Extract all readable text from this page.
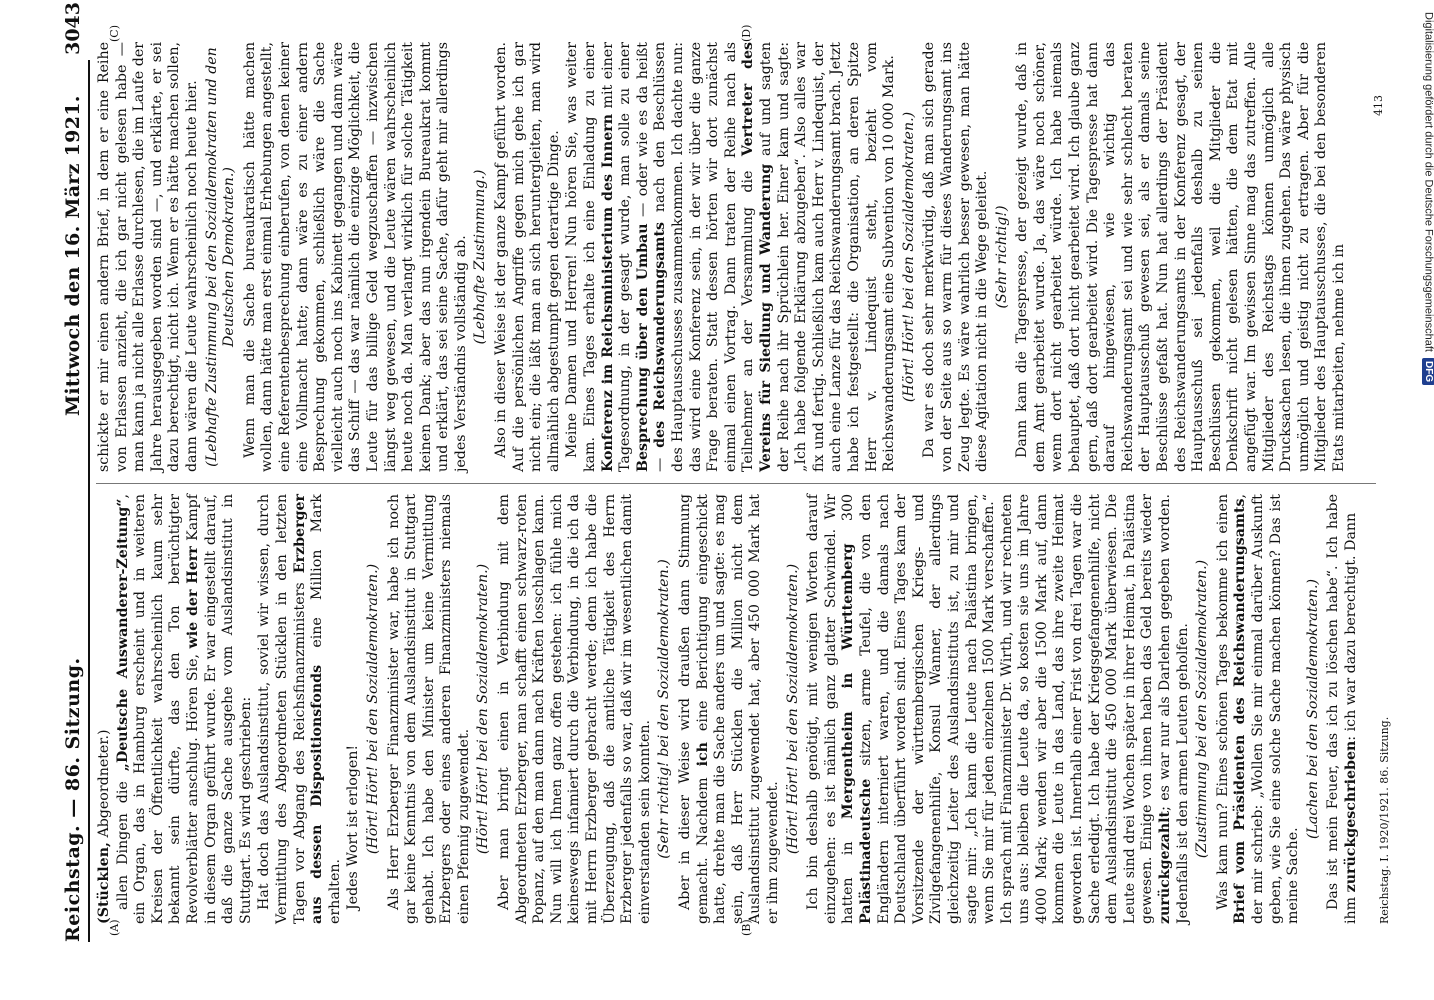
Reichstag. — 86. Sitzung.
Mittwoch den 16. März 1921.
3043
(A)	(B)
(C)	(D)

(Stücklen, Abgeordneter.) allen Dingen die „Deutsche Auswanderer-Zeitung“, ein Organ, das in Hamburg erscheint und in weiteren Kreisen der Öffentlichkeit wahrscheinlich kaum sehr bekannt sein dürfte, das den Ton berüchtigter Revolverblätter anschlug. Hören Sie, wie der Herr Kampf in diesem Organ geführt wurde. Er war eingestellt darauf, daß die ganze Sache ausgehe vom Auslandsinstitut in Stuttgart. Es wird geschrieben: Hat doch das Auslandsinstitut, soviel wir wissen, durch Vermittlung des Abgeordneten Stücklen in den letzten Tagen vor Abgang des Reichsfinanzministers Erzberger aus dessen Dispositionsfonds eine Million Mark erhalten. Jedes Wort ist erlogen! (Hört! Hört! bei den Sozialdemokraten.) Als Herr Erzberger Finanzminister war, habe ich noch gar keine Kenntnis von dem Auslandsinstitut in Stuttgart gehabt. Ich habe den Minister um keine Vermittlung Erzbergers oder eines anderen Finanzministers niemals einen Pfennig zugewendet. (Hört! Hört! bei den Sozialdemokraten.) Aber man bringt einen in Verbindung mit dem Abgeordneten Erzberger, man schafft einen schwarz-roten Popanz, auf den man dann nach Kräften losschlagen kann. Nun will ich Ihnen ganz offen gestehen: ich fühle mich keineswegs infamiert durch die Verbindung, in die ich da mit Herrn Erzberger gebracht werde; denn ich habe die Überzeugung, daß die amtliche Tätigkeit des Herrn Erzberger jedenfalls so war, daß wir im wesentlichen damit einverstanden sein konnten. (Sehr richtig! bei den Sozialdemokraten.) Aber in dieser Weise wird draußen dann Stimmung gemacht. Nachdem ich eine Berichtigung eingeschickt hatte, drehte man die Sache anders um und sagte: es mag sein, daß Herr Stücklen die Million nicht dem Auslandsinstitut zugewendet hat, aber 450 000 Mark hat er ihm zugewendet. (Hört! Hört! bei den Sozialdemokraten.) Ich bin deshalb genötigt, mit wenigen Worten darauf einzugehen: es ist nämlich ganz glatter Schwindel. Wir hatten in Mergentheim in Württemberg 300 Palästinadeutsche sitzen, arme Teufel, die von den Engländern interniert waren, und die damals nach Deutschland überführt worden sind. Eines Tages kam der Vorsitzende der württembergischen Kriegs- und Zivilgefangenenhilfe, Konsul Wanner, der allerdings gleichzeitig Leiter des Auslandsinstituts ist, zu mir und sagte mir: „Ich kann die Leute nach Palästina bringen, wenn Sie mir für jeden einzelnen 1500 Mark verschaffen.“ Ich sprach mit Finanzminister Dr. Wirth, und wir rechneten uns aus: bleiben die Leute da, so kosten sie uns im Jahre 4000 Mark; wenden wir aber die 1500 Mark auf, dann kommen die Leute in das Land, das ihre zweite Heimat geworden ist. Innerhalb einer Frist von drei Tagen war die Sache erledigt. Ich habe der Kriegsgefangenenhilfe, nicht dem Auslandsinstitut die 450 000 Mark überwiesen. Die Leute sind drei Wochen später in ihrer Heimat, in Palästina gewesen. Einige von ihnen haben das Geld bereits wieder zurückgezahlt; es war nur als Darlehen gegeben worden. Jedenfalls ist den armen Leuten geholfen. (Zustimmung bei den Sozialdemokraten.) Was kam nun? Eines schönen Tages bekomme ich einen Brief vom Präsidenten des Reichswanderungsamts, der mir schrieb: „Wollen Sie mir einmal darüber Auskunft geben, wie Sie eine solche Sache machen können? Das ist meine Sache.

(Lachen bei den Sozialdemokraten.) Das ist mein Feuer, das ich zu löschen habe“. Ich habe ihm zurückgeschrieben: ich war dazu berechtigt. Dann

schickte er mir einen andern Brief, in dem er eine Reihe von Erlassen anzieht, die ich gar nicht gelesen habe — man kann ja nicht alle Erlasse durchlesen, die im Laufe der Jahre herausgegeben worden sind —, und erklärte, er sei dazu berechtigt, nicht ich. Wenn er es hätte machen sollen, dann wären die Leute wahrscheinlich noch heute hier. (Lebhafte Zustimmung bei den Sozialdemokraten und den Deutschen Demokraten.) Wenn man die Sache bureaukratisch hätte machen wollen, dann hätte man erst einmal Erhebungen angestellt, eine Referentenbesprechung einberufen, von denen keiner eine Vollmacht hatte; dann wäre es zu einer andern Besprechung gekommen, schließlich wäre die Sache vielleicht auch noch ins Kabinett gegangen und dann wäre das Schiff — das war nämlich die einzige Möglichkeit, die Leute für das billige Geld wegzuschaffen — inzwischen längst weg gewesen, und die Leute wären wahrscheinlich heute noch da. Man verlangt wirklich für solche Tätigkeit keinen Dank; aber das nun irgendein Bureaukrat kommt und erklärt, das sei seine Sache, dafür geht mir allerdings jedes Verständnis vollständig ab. (Lebhafte Zustimmung.) Also in dieser Weise ist der ganze Kampf geführt worden. Auf die persönlichen Angriffe gegen mich gehe ich gar nicht ein; die läßt man an sich heruntergleiten, man wird allmählich abgestumpft gegen derartige Dinge. Meine Damen und Herren! Nun hören Sie, was weiter kam. Eines Tages erhalte ich eine Einladung zu einer Konferenz im Reichsministerium des Innern mit einer Tagesordnung, in der gesagt wurde, man solle zu einer Besprechung über den Umbau — oder wie es da heißt — des Reichswanderungsamts nach den Beschlüssen des Hauptausschusses zusammenkommen. Ich dachte nun: das wird eine Konferenz sein, in der wir über die ganze Frage beraten. Statt dessen hörten wir dort zunächst einmal einen Vortrag. Dann traten der Reihe nach als Teilnehmer an der Versammlung die Vertreter des Vereins für Siedlung und Wanderung auf und sagten der Reihe nach ihr Sprüchlein her. Einer kam und sagte: „Ich habe folgende Erklärung abzugeben“. Also alles war fix und fertig. Schließlich kam auch Herr v. Lindequist, der auch eine Lanze für das Reichswanderungsamt brach. Jetzt habe ich festgestellt: die Organisation, an deren Spitze Herr v. Lindequist steht, bezieht vom Reichswanderungsamt eine Subvention von 10 000 Mark. (Hört! Hört! bei den Sozialdemokraten.) Da war es doch sehr merkwürdig, daß man sich gerade von der Seite aus so warm für dieses Wanderungsamt ins Zeug legte. Es wäre wahrlich besser gewesen, man hätte diese Agitation nicht in die Wege geleitet. (Sehr richtig!) Dann kam die Tagespresse, der gezeigt wurde, daß in dem Amt gearbeitet wurde. Ja, das wäre noch schöner, wenn dort nicht gearbeitet würde. Ich habe niemals behauptet, daß dort nicht gearbeitet wird. Ich glaube ganz gern, daß dort gearbeitet wird. Die Tagespresse hat dann darauf hingewiesen, wie wichtig das Reichswanderungsamt sei und wie sehr schlecht beraten der Hauptausschuß gewesen sei, als er damals seine Beschlüsse gefaßt hat. Nun hat allerdings der Präsident des Reichswanderungsamts in der Konferenz gesagt, der Hauptausschuß sei jedenfalls deshalb zu seinen Beschlüssen gekommen, weil die Mitglieder die Denkschrift nicht gelesen hätten, die dem Etat mit angefügt war. Im gewissen Sinne mag das zutreffen. Alle Mitglieder des Reichstags können unmöglich alle Drucksachen lesen, die ihnen zugehen. Das wäre physisch unmöglich und geistig nicht zu ertragen. Aber für die Mitglieder des Hauptausschusses, die bei den besonderen Etats mitarbeiten, nehme ich in

Reichstag. I. 1920/1921. 86. Sitzung.
413	Digitalisierung gefördert durch die Deutsche Forschungsgemeinschaft
DFG
